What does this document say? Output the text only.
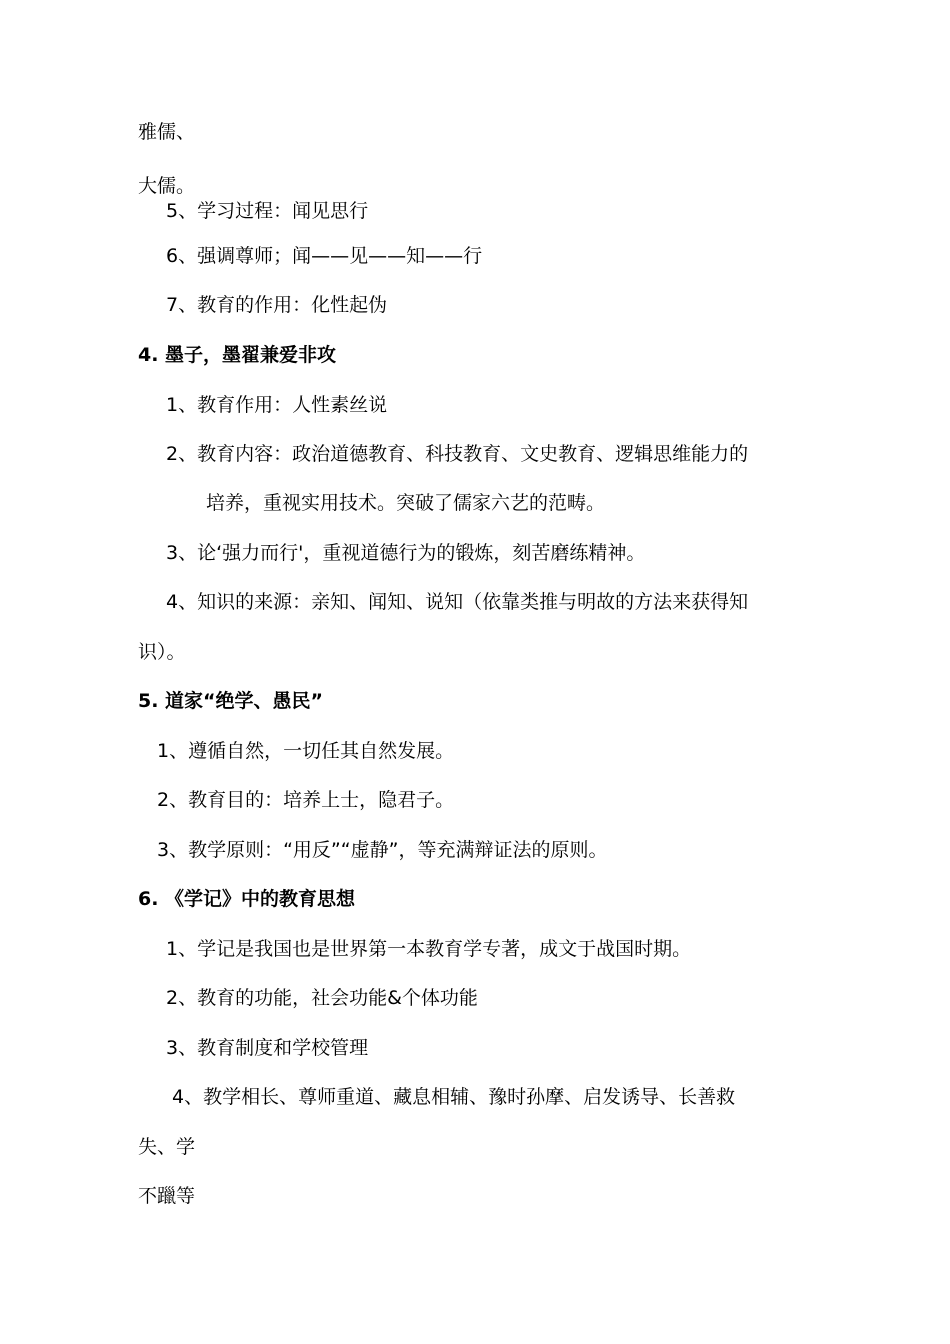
雅儒、
大儒。
5、学习过程：闻见思行
6、强调尊师；闻——见——知——行
7、教育的作用：化性起伪
4. 墨子，墨翟兼爱非攻
1、教育作用：人性素丝说
2、教育内容：政治道德教育、科技教育、文史教育、逻辑思维能力的
培养，重视实用技术。突破了儒家六艺的范畴。
3、论‘强力而行'，重视道德行为的锻炼，刻苦磨练精神。
4、知识的来源：亲知、闻知、说知（依靠类推与明故的方法来获得知
识）。
5. 道家“绝学、愚民”
1、遵循自然，一切任其自然发展。
2、教育目的：培养上士，隐君子。
3、教学原则：“用反”“虚静”，等充满辩证法的原则。
6. 《学记》中的教育思想
1、学记是我国也是世界第一本教育学专著，成文于战国时期。
2、教育的功能，社会功能&个体功能
3、教育制度和学校管理
4、教学相长、尊师重道、藏息相辅、豫时孙摩、启发诱导、长善救
失、学
不躐等
